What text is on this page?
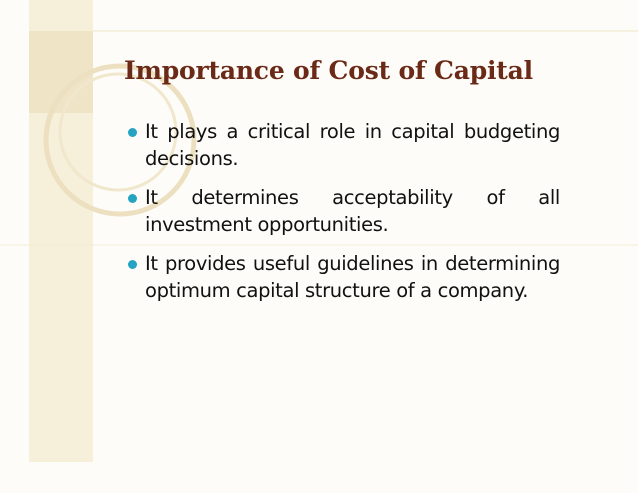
Importance of Cost of Capital
It plays a critical role in capital budgeting decisions.
It determines acceptability of all investment opportunities.
It provides useful guidelines in determining optimum capital structure of a company.
